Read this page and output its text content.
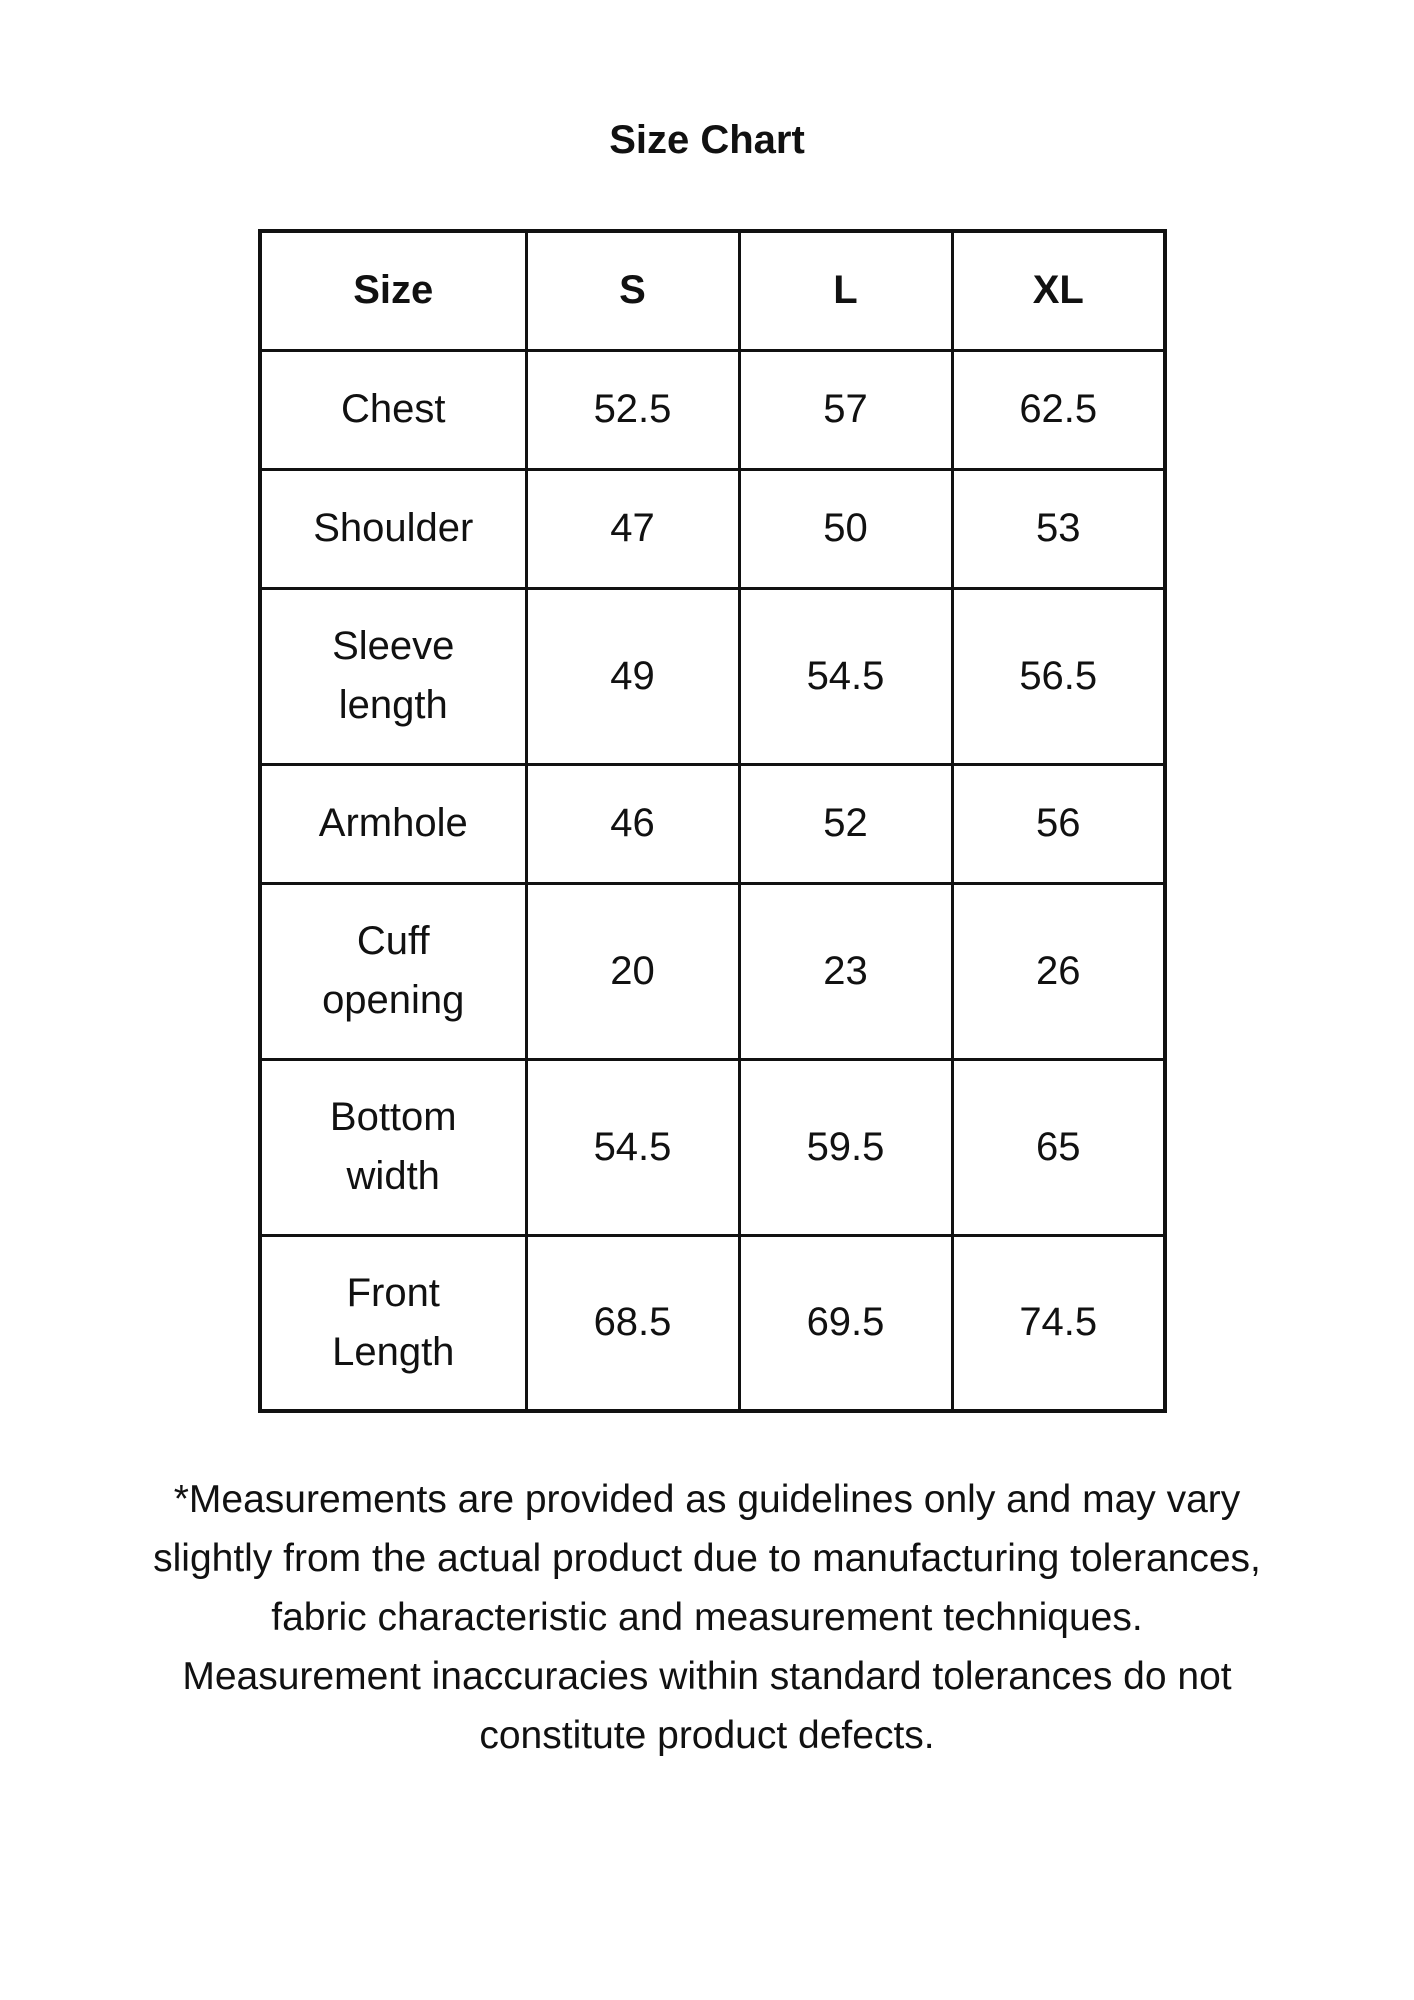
Size Chart
Size	S	L	XL
Chest	52.5	57	62.5
Shoulder	47	50	53
Sleeve
length	49	54.5	56.5
Armhole	46	52	56
Cuff
opening	20	23	26
Bottom
width	54.5	59.5	65
Front
Length	68.5	69.5	74.5

*Measurements are provided as guidelines only and may vary slightly from the actual product due to manufacturing tolerances, fabric characteristic and measurement techniques.

Measurement inaccuracies within standard tolerances do not constitute product defects.
